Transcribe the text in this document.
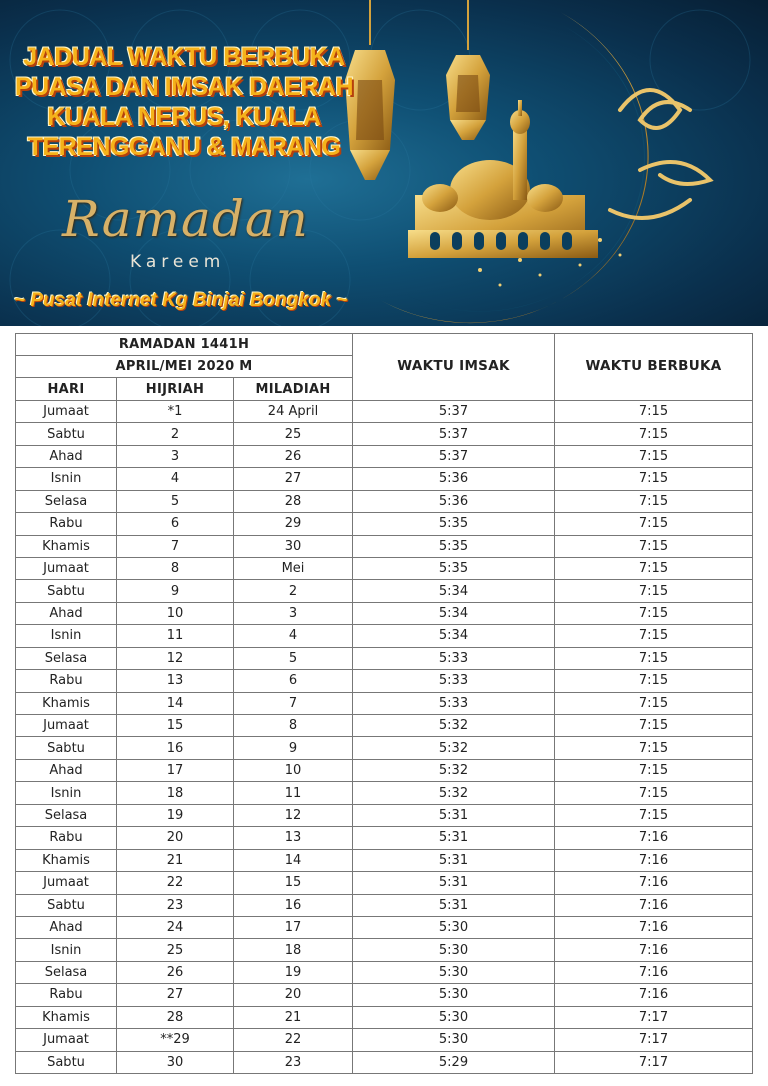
JADUAL WAKTU BERBUKA PUASA DAN IMSAK DAERAH KUALA NERUS, KUALA TERENGGANU & MARANG
Ramadan
Kareem
~ Pusat Internet Kg Binjai Bongkok ~
RAMADAN 1441H			WAKTU IMSAK	WAKTU BERBUKA
APRIL/MEI 2020 M				
HARI	HIJRIAH	MILADIAH		
Jumaat	*1	24 April	5:37	7:15
Sabtu	2	25	5:37	7:15
Ahad	3	26	5:37	7:15
Isnin	4	27	5:36	7:15
Selasa	5	28	5:36	7:15
Rabu	6	29	5:35	7:15
Khamis	7	30	5:35	7:15
Jumaat	8	Mei	5:35	7:15
Sabtu	9	2	5:34	7:15
Ahad	10	3	5:34	7:15
Isnin	11	4	5:34	7:15
Selasa	12	5	5:33	7:15
Rabu	13	6	5:33	7:15
Khamis	14	7	5:33	7:15
Jumaat	15	8	5:32	7:15
Sabtu	16	9	5:32	7:15
Ahad	17	10	5:32	7:15
Isnin	18	11	5:32	7:15
Selasa	19	12	5:31	7:15
Rabu	20	13	5:31	7:16
Khamis	21	14	5:31	7:16
Jumaat	22	15	5:31	7:16
Sabtu	23	16	5:31	7:16
Ahad	24	17	5:30	7:16
Isnin	25	18	5:30	7:16
Selasa	26	19	5:30	7:16
Rabu	27	20	5:30	7:16
Khamis	28	21	5:30	7:17
Jumaat	**29	22	5:30	7:17
Sabtu	30	23	5:29	7:17
